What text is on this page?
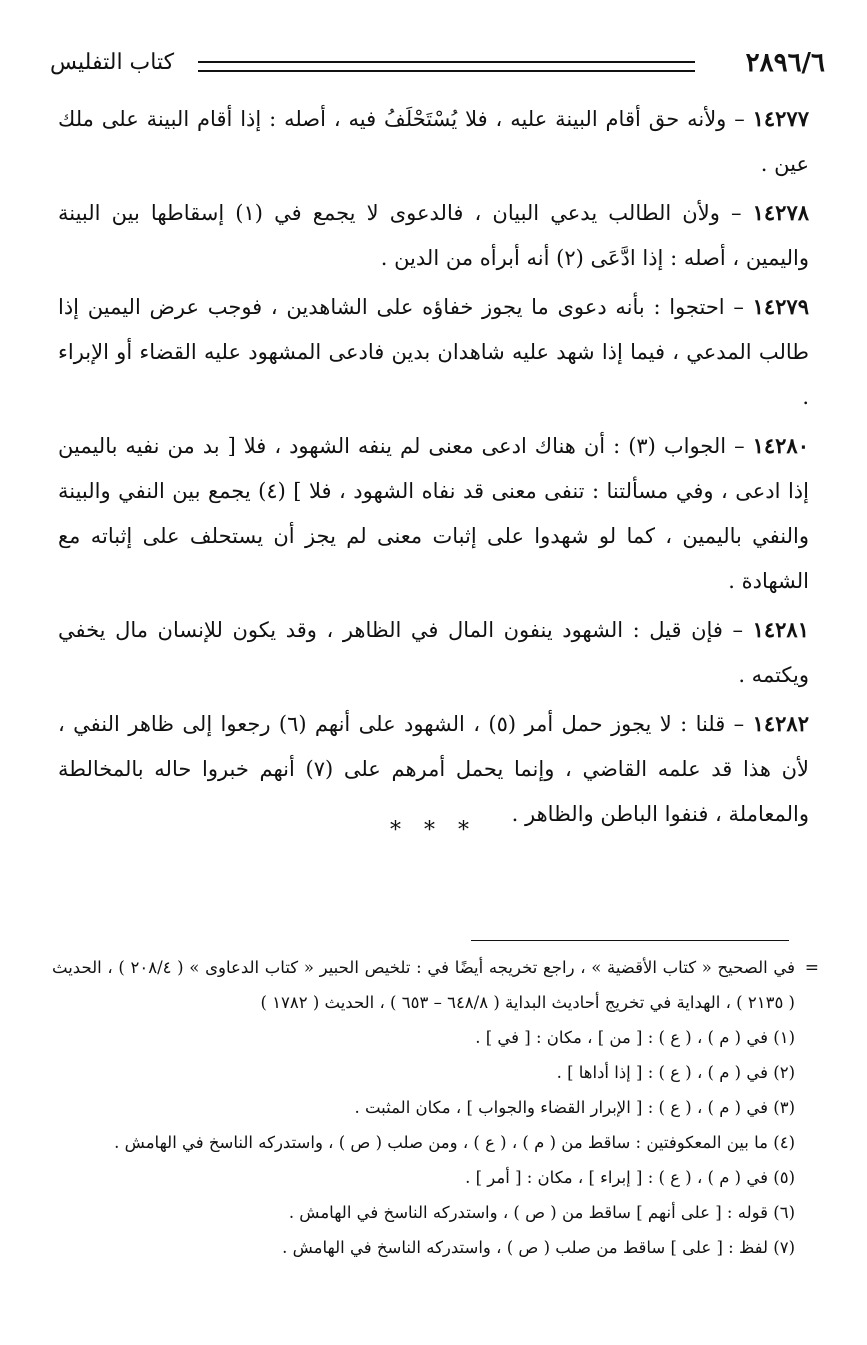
٢٨٩٦/٦
كتاب التفليس

١٤٢٧٧ – ولأنه حق أقام البينة عليه ، فلا يُسْتَحْلَفُ فيه ، أصله : إذا أقام البينة على ملك عين .

١٤٢٧٨ – ولأن الطالب يدعي البيان ، فالدعوى لا يجمع في (١) إسقاطها بين البينة واليمين ، أصله : إذا ادَّعَى (٢) أنه أبرأه من الدين .

١٤٢٧٩ – احتجوا : بأنه دعوى ما يجوز خفاؤه على الشاهدين ، فوجب عرض اليمين إذا طالب المدعي ، فيما إذا شهد عليه شاهدان بدين فادعى المشهود عليه القضاء أو الإبراء .

١٤٢٨٠ – الجواب (٣) : أن هناك ادعى معنى لم ينفه الشهود ، فلا [ بد من نفيه باليمين إذا ادعى ، وفي مسألتنا : تنفى معنى قد نفاه الشهود ، فلا ] (٤) يجمع بين النفي والبينة والنفي باليمين ، كما لو شهدوا على إثبات معنى لم يجز أن يستحلف على إثباته مع الشهادة .

١٤٢٨١ – فإن قيل : الشهود ينفون المال في الظاهر ، وقد يكون للإنسان مال يخفي ويكتمه .

١٤٢٨٢ – قلنا : لا يجوز حمل أمر (٥) ، الشهود على أنهم (٦) رجعوا إلى ظاهر النفي ، لأن هذا قد علمه القاضي ، وإنما يحمل أمرهم على (٧) أنهم خبروا حاله بالمخالطة والمعاملة ، فنفوا الباطن والظاهر .

* * *
=

في الصحيح « كتاب الأقضية » ، راجع تخريجه أيضًا في : تلخيص الحبير « كتاب الدعاوى » ( ٢٠٨/٤ ) ، الحديث ( ٢١٣٥ ) ، الهداية في تخريج أحاديث البداية ( ٦٤٨/٨ – ٦٥٣ ) ، الحديث ( ١٧٨٢ )

(١) في ( م ) ، ( ع ) : [ من ] ، مكان : [ في ] .

(٢) في ( م ) ، ( ع ) : [ إذا أداها ] .

(٣) في ( م ) ، ( ع ) : [ الإبرار القضاء والجواب ] ، مكان المثبت .

(٤) ما بين المعكوفتين : ساقط من ( م ) ، ( ع ) ، ومن صلب ( ص ) ، واستدركه الناسخ في الهامش .

(٥) في ( م ) ، ( ع ) : [ إبراء ] ، مكان : [ أمر ] .

(٦) قوله : [ على أنهم ] ساقط من ( ص ) ، واستدركه الناسخ في الهامش .

(٧) لفظ : [ على ] ساقط من صلب ( ص ) ، واستدركه الناسخ في الهامش .
